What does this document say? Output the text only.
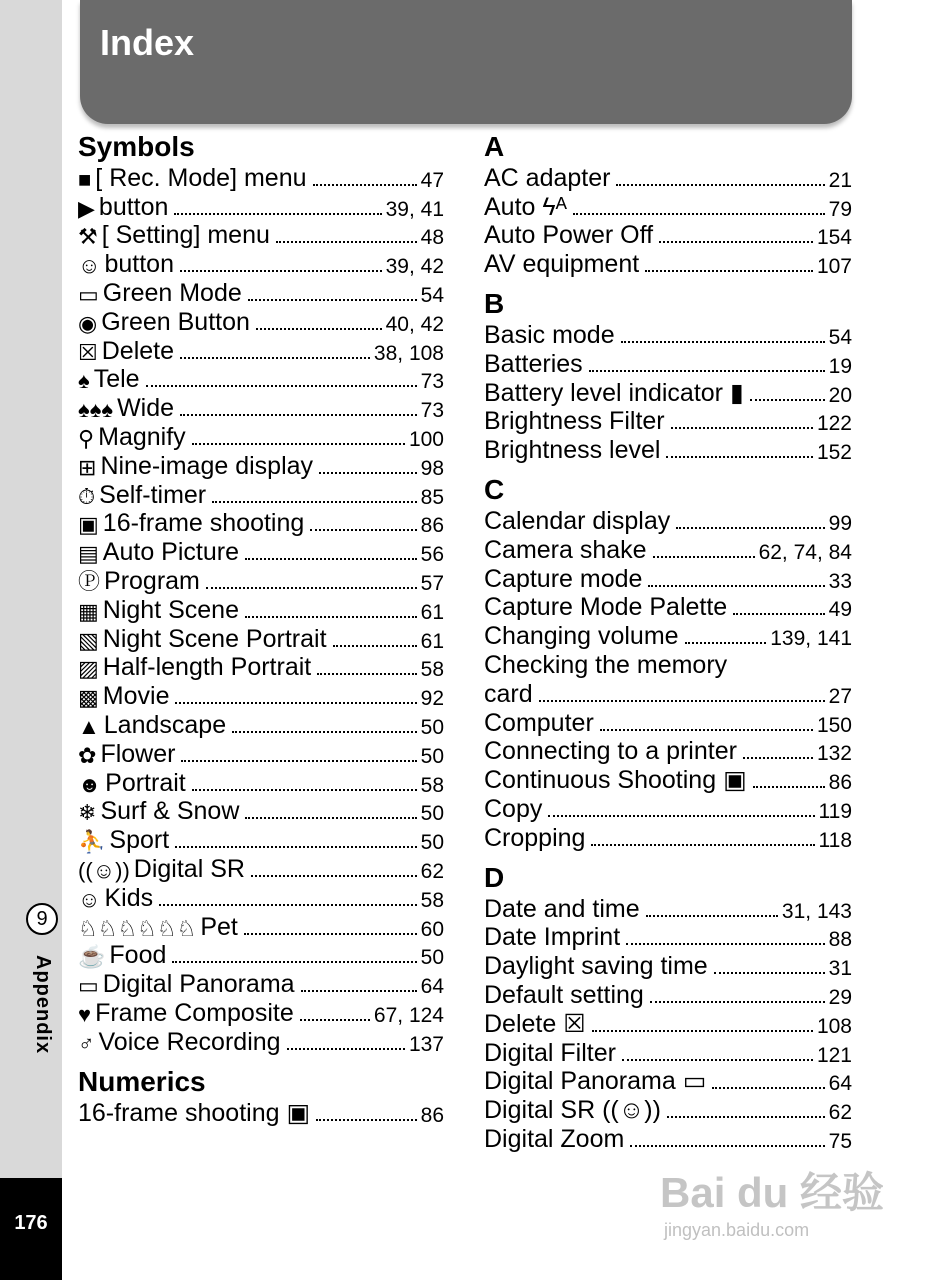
9
Appendix
176
Index
Symbols
■ [ Rec. Mode] menu	47
▶ button	39, 41
⚒ [ Setting] menu	48
☺ button	39, 42
▭ Green Mode	54
◉ Green Button	40, 42
☒ Delete	38, 108
♠ Tele	73
♠♠♠ Wide	73
⚲ Magnify	100
⊞ Nine-image display	98
⏱ Self-timer	85
▣ 16-frame shooting	86
▤ Auto Picture	56
Ⓟ Program	57
▦ Night Scene	61
▧ Night Scene Portrait	61
▨ Half-length Portrait	58
▩ Movie	92
▲ Landscape	50
✿ Flower	50
☻ Portrait	58
❄ Surf & Snow	50
⛹ Sport	50
((☺)) Digital SR	62
☺ Kids	58
♘♘♘♘♘♘ Pet	60
☕ Food	50
▭ Digital Panorama	64
♥ Frame Composite	67, 124
♂ Voice Recording	137
Numerics
16-frame shooting ▣	86
A
AC adapter	21
Auto ϟᴬ	79
Auto Power Off	154
AV equipment	107
B
Basic mode	54
Batteries	19
Battery level indicator ▮	20
Brightness Filter	122
Brightness level	152
C
Calendar display	99
Camera shake	62, 74, 84
Capture mode	33
Capture Mode Palette	49
Changing volume	139, 141
Checking the memory
card	27
Computer	150
Connecting to a printer	132
Continuous Shooting ▣	86
Copy	119
Cropping	118
D
Date and time	31, 143
Date Imprint	88
Daylight saving time	31
Default setting	29
Delete ☒	108
Digital Filter	121
Digital Panorama ▭	64
Digital SR ((☺))	62
Digital Zoom	75
Bai du 经验
jingyan.baidu.com
